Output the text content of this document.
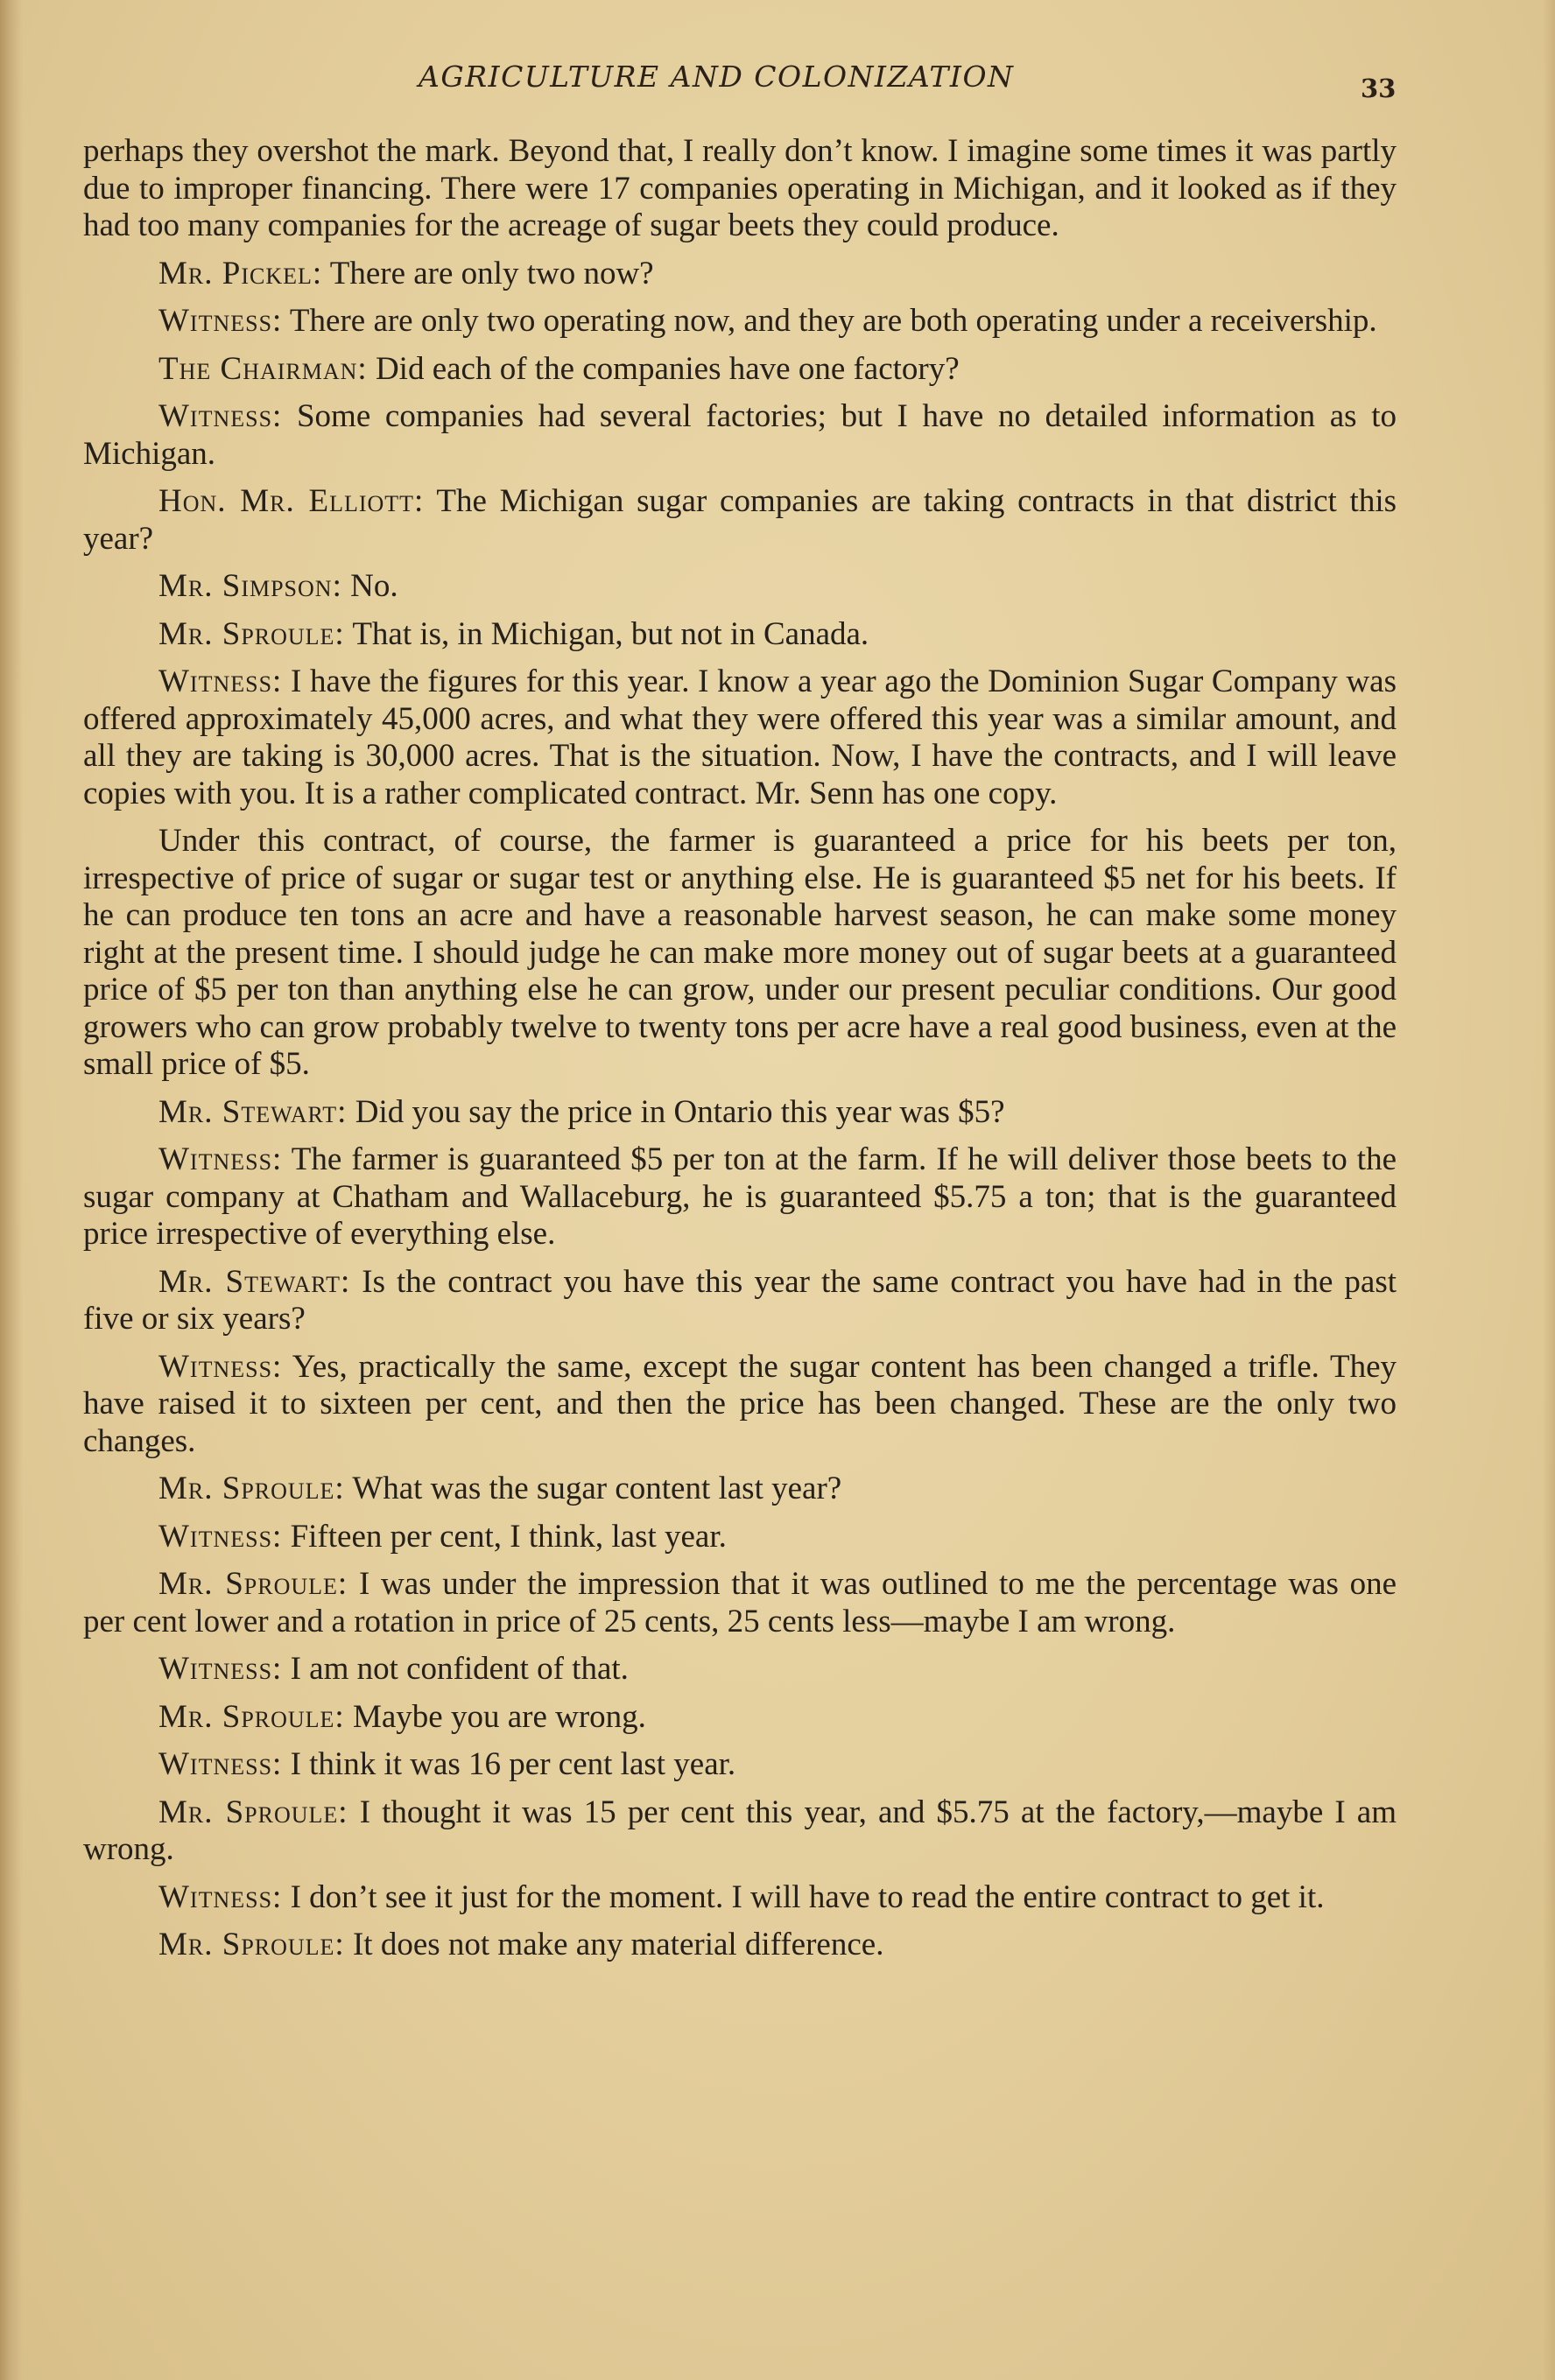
AGRICULTURE AND COLONIZATION	33

perhaps they overshot the mark. Beyond that, I really don’t know. I imagine some times it was partly due to improper financing. There were 17 companies operating in Michigan, and it looked as if they had too many companies for the acreage of sugar beets they could produce.

Mr. Pickel: There are only two now?

Witness: There are only two operating now, and they are both operating under a receivership.

The Chairman: Did each of the companies have one factory?

Witness: Some companies had several factories; but I have no detailed information as to Michigan.

Hon. Mr. Elliott: The Michigan sugar companies are taking contracts in that district this year?

Mr. Simpson: No.

Mr. Sproule: That is, in Michigan, but not in Canada.

Witness: I have the figures for this year. I know a year ago the Dominion Sugar Company was offered approximately 45,000 acres, and what they were offered this year was a similar amount, and all they are taking is 30,000 acres. That is the situation. Now, I have the contracts, and I will leave copies with you. It is a rather complicated contract. Mr. Senn has one copy.

Under this contract, of course, the farmer is guaranteed a price for his beets per ton, irrespective of price of sugar or sugar test or anything else. He is guaranteed $5 net for his beets. If he can produce ten tons an acre and have a reasonable harvest season, he can make some money right at the present time. I should judge he can make more money out of sugar beets at a guaranteed price of $5 per ton than anything else he can grow, under our present peculiar conditions. Our good growers who can grow probably twelve to twenty tons per acre have a real good business, even at the small price of $5.

Mr. Stewart: Did you say the price in Ontario this year was $5?

Witness: The farmer is guaranteed $5 per ton at the farm. If he will deliver those beets to the sugar company at Chatham and Wallaceburg, he is guaranteed $5.75 a ton; that is the guaranteed price irrespective of everything else.

Mr. Stewart: Is the contract you have this year the same contract you have had in the past five or six years?

Witness: Yes, practically the same, except the sugar content has been changed a trifle. They have raised it to sixteen per cent, and then the price has been changed. These are the only two changes.

Mr. Sproule: What was the sugar content last year?

Witness: Fifteen per cent, I think, last year.

Mr. Sproule: I was under the impression that it was outlined to me the percentage was one per cent lower and a rotation in price of 25 cents, 25 cents less—maybe I am wrong.

Witness: I am not confident of that.

Mr. Sproule: Maybe you are wrong.

Witness: I think it was 16 per cent last year.

Mr. Sproule: I thought it was 15 per cent this year, and $5.75 at the factory,—maybe I am wrong.

Witness: I don’t see it just for the moment. I will have to read the entire contract to get it.

Mr. Sproule: It does not make any material difference.
